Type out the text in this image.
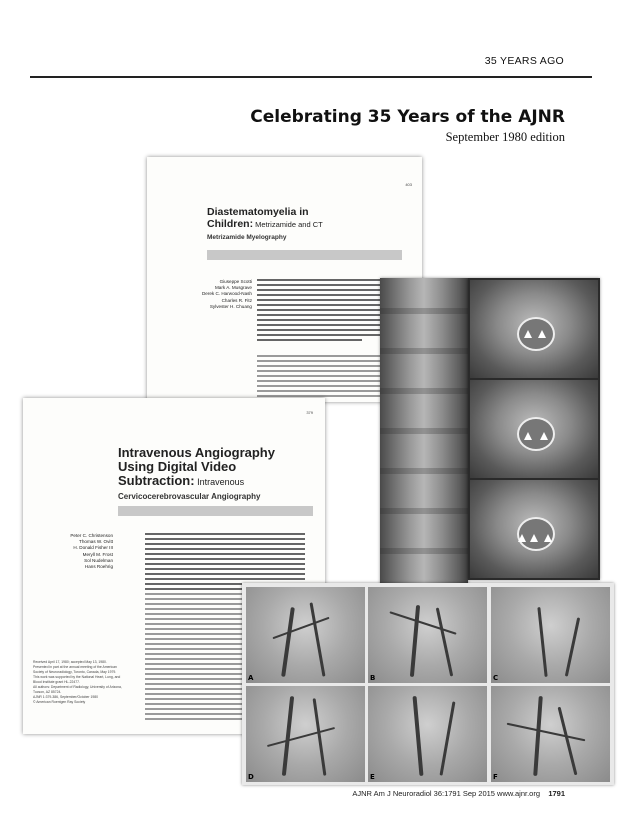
35 YEARS AGO
Celebrating 35 Years of the AJNR
September 1980 edition
403
Diastematomyelia in
Children: Metrizamide and CT
Metrizamide Myelography
Giuseppe Scotti
Mark A. Musgrave
Derek C. Harwood-Nash
Charles R. Fitz
Sylvester H. Chuang
379
Intravenous Angiography
Using Digital Video
Subtraction: Intravenous
Cervicocerebrovascular Angiography
Peter C. Christenson
Thomas W. Ovitt
H. Donald Fisher III
Meryll M. Frost
Sol Nudelman
Hans Roehrig
Received April 17, 1980; accepted May 13, 1980.
Presented in part at the annual meeting of the American Society of Neuroradiology, Toronto, Canada, May 1979.
This work was supported by the National Heart, Lung, and Blood Institute grant HL-22477.
All authors: Department of Radiology, University of Arizona, Tucson, AZ 85724.
AJNR 1:379-386, September/October 1980
© American Roentgen Ray Society
A	B	C
D	E	F
AJNR Am J Neuroradiol 36:1791 Sep 2015 www.ajnr.org 1791
